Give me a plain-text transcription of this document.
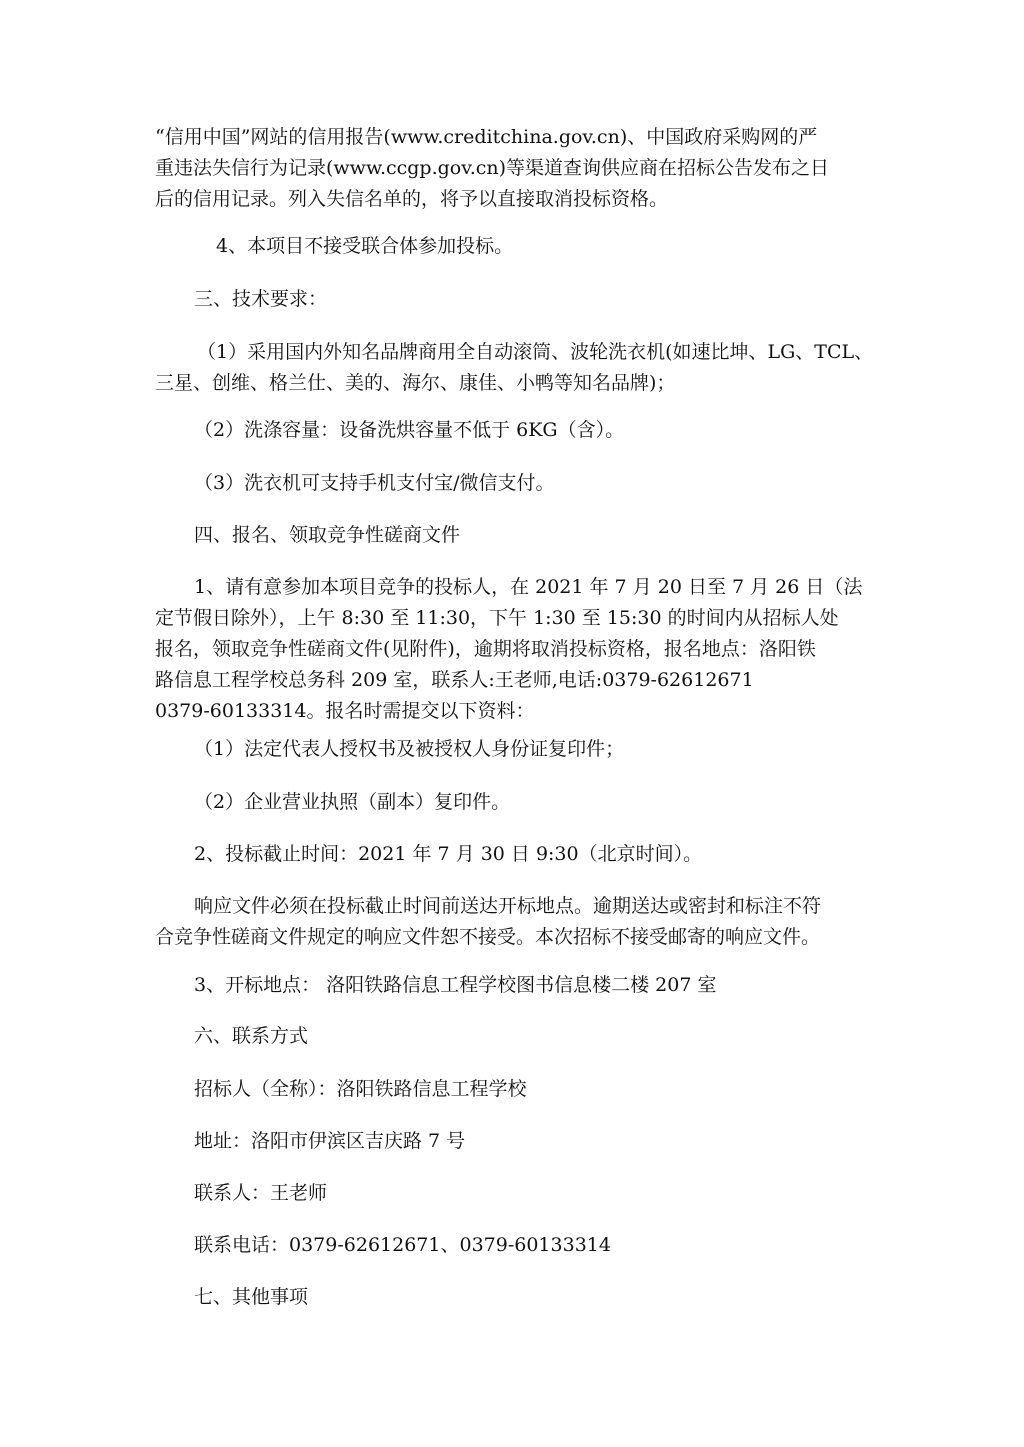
“信用中国”网站的信用报告(www.creditchina.gov.cn)、中国政府采购网的严
重违法失信行为记录(www.ccgp.gov.cn)等渠道查询供应商在招标公告发布之日
后的信用记录。列入失信名单的，将予以直接取消投标资格。
4、本项目不接受联合体参加投标。
三、技术要求：
（1）采用国内外知名品牌商用全自动滚筒、波轮洗衣机(如速比坤、LG、TCL、
三星、创维、格兰仕、美的、海尔、康佳、小鸭等知名品牌)；
（2）洗涤容量：设备洗烘容量不低于 6KG（含）。
（3）洗衣机可支持手机支付宝/微信支付。
四、报名、领取竞争性磋商文件
1、请有意参加本项目竞争的投标人，在 2021 年 7 月 20 日至 7 月 26 日（法
定节假日除外），上午 8:30 至 11:30，下午 1:30 至 15:30 的时间内从招标人处
报名，领取竞争性磋商文件(见附件)，逾期将取消投标资格，报名地点：洛阳铁
路信息工程学校总务科 209 室，联系人:王老师,电话:0379-62612671
0379-60133314。报名时需提交以下资料：
（1）法定代表人授权书及被授权人身份证复印件；
（2）企业营业执照（副本）复印件。
2、投标截止时间：2021 年 7 月 30 日 9:30（北京时间）。
响应文件必须在投标截止时间前送达开标地点。逾期送达或密封和标注不符
合竞争性磋商文件规定的响应文件恕不接受。本次招标不接受邮寄的响应文件。
3、开标地点： 洛阳铁路信息工程学校图书信息楼二楼 207 室
六、联系方式
招标人（全称）：洛阳铁路信息工程学校
地址：洛阳市伊滨区吉庆路 7 号
联系人：王老师
联系电话：0379-62612671、0379-60133314
七、其他事项
